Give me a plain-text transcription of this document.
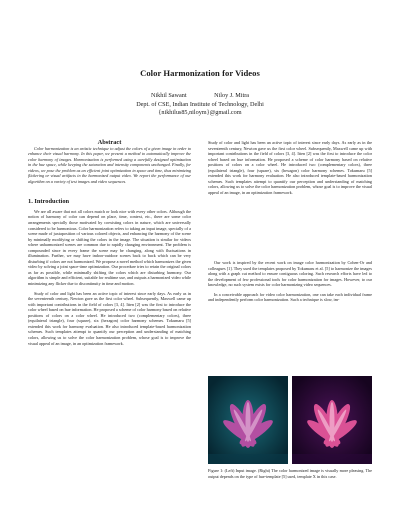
Color Harmonization for Videos
Nikhil Sawant	Niloy J. Mitra
Dept. of CSE, Indian Institute of Technology, Delhi
{nikhilus85,niloym}@gmail.com
Abstract

Color harmonization is an artistic technique to adjust the colors of a given image in order to enhance their visual harmony. In this paper, we present a method to automatically improve the color harmony of images. Harmonization is performed using a carefully designed optimization in the hue space, while keeping the saturation and intensity components unchanged. Finally, for videos, we pose the problem as an efficient joint optimization in space and time, thus minimizing flickering or visual artifacts in the harmonized output video. We report the performance of our algorithm on a variety of test images and video sequences.

1. Introduction

We are all aware that not all colors match or look nice with every other colors. Although the notion of harmony of color can depend on place, time, context, etc., there are some color arrangements specially those motivated by coexisting colors in nature, which are universally considered to be harmonious. Color harmonization refers to taking an input image, specially of a scene made of juxtaposition of various colored objects, and enhancing the harmony of the scene by minimally modifying or shifting the colors in the image. The situation is similar for videos where unharmonized scenes are common due to rapidly changing environment. The problem is compounded since in every frame the scene may be changing, along with fluctuations in illumination. Further, we may have indoor-outdoor scenes back to back which can be very disturbing if colors are not harmonized. We propose a novel method which harmonizes the given video by solving a joint space-time optimization. Our procedure tries to retain the original colors as far as possible, while minimally shifting the colors which are disturbing harmony. Our algorithm is simple and efficient, suitable for realtime use, and outputs a harmonized video while minimizing any flicker due to discontinuity in time and motion.

Study of color and light has been an active topic of interest since early days. As early as in the seventeenth century, Newton gave us the first color wheel. Subsequently, Maxwell came up with important contributions in the field of colors [3, 4]. Itten [2] was the first to introduce the color wheel based on hue information. He proposed a scheme of color harmony based on relative positions of colors on a color wheel. He introduced two (complementary colors), three (equilateral triangle), four (square), six (hexagon) color harmony schemes. Tokumaru [5] extended this work for harmony evaluation. He also introduced template-based harmonization schemes. Such templates attempt to quantify our perception and understanding of matching colors, allowing us to solve the color harmonization problem, whose goal is to improve the visual appeal of an image, in an optimization framework.

Study of color and light has been an active topic of interest since early days. As early as in the seventeenth century, Newton gave us the first color wheel. Subsequently, Maxwell came up with important contributions in the field of colors [3, 4]. Itten [2] was the first to introduce the color wheel based on hue information. He proposed a scheme of color harmony based on relative positions of colors on a color wheel. He introduced two (complementary colors), three (equilateral triangle), four (square), six (hexagon) color harmony schemes. Tokumaru [5] extended this work for harmony evaluation. He also introduced template-based harmonization schemes. Such templates attempt to quantify our perception and understanding of matching colors, allowing us to solve the color harmonization problem, whose goal is to improve the visual appeal of an image, in an optimization framework.

Our work is inspired by the recent work on image color harmonization by Cohen-Or and colleagues [1]. They used the templates proposed by Tokumaru et al. [5] to harmonize the images along with a graph cut method to ensure contiguous coloring. Such research efforts have led to the development of few professional tools for color harmonization for images. However, to our knowledge, no such system exists for color harmonizing video sequences.

In a conceivable approach for video color harmonization, one can take each individual frame and independently perform color harmonization. Such a technique is slow, im-

Figure 1: (Left) Input image. (Right) The color harmonized image is visually more pleasing. The output depends on the type of hue-template [5] used, template X in this case.
